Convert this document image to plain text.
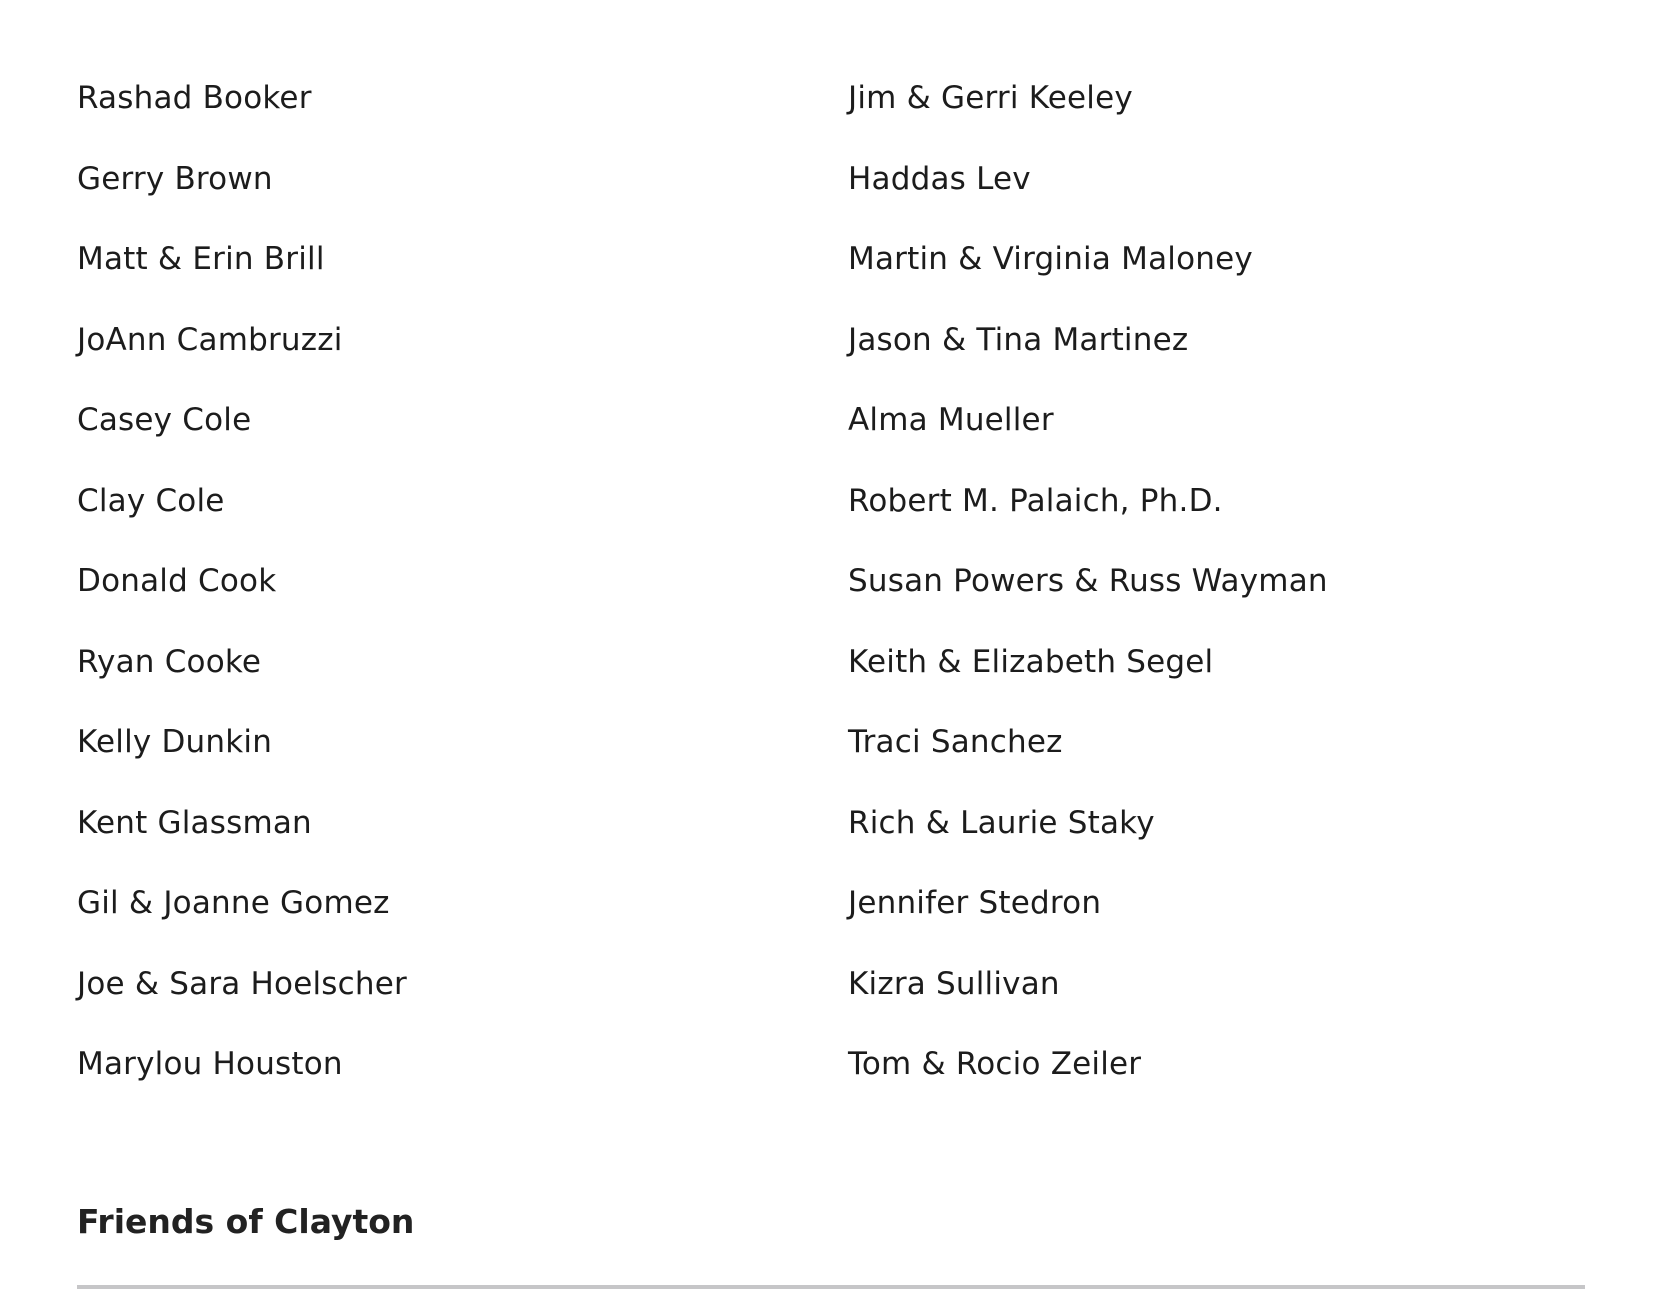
Rashad Booker
Gerry Brown
Matt & Erin Brill
JoAnn Cambruzzi
Casey Cole
Clay Cole
Donald Cook
Ryan Cooke
Kelly Dunkin
Kent Glassman
Gil & Joanne Gomez
Joe & Sara Hoelscher
Marylou Houston
Jim & Gerri Keeley
Haddas Lev
Martin & Virginia Maloney
Jason & Tina Martinez
Alma Mueller
Robert M. Palaich, Ph.D.
Susan Powers & Russ Wayman
Keith & Elizabeth Segel
Traci Sanchez
Rich & Laurie Staky
Jennifer Stedron
Kizra Sullivan
Tom & Rocio Zeiler
Friends of Clayton
